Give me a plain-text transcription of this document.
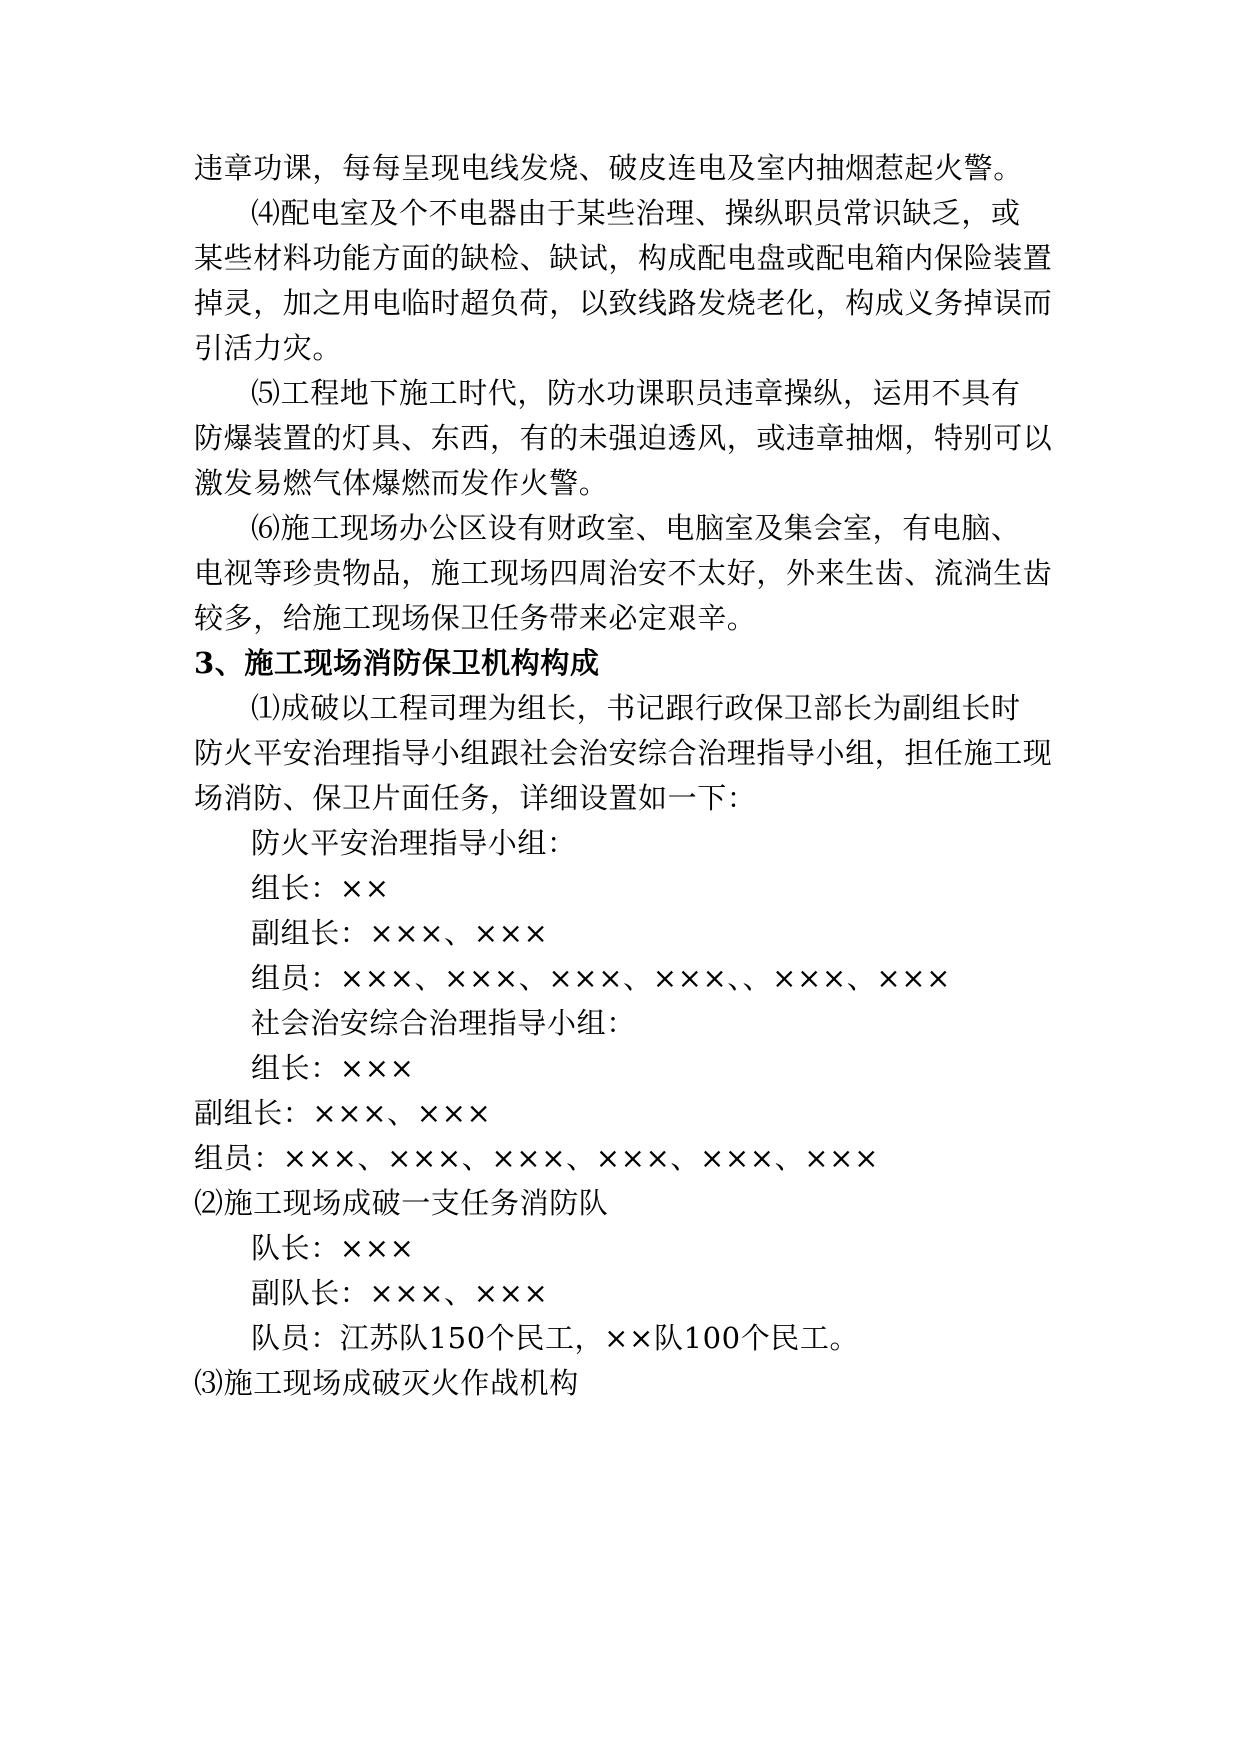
违章功课，每每呈现电线发烧、破皮连电及室内抽烟惹起火警。
⑷配电室及个不电器由于某些治理、操纵职员常识缺乏，或
某些材料功能方面的缺检、缺试，构成配电盘或配电箱内保险装置
掉灵，加之用电临时超负荷，以致线路发烧老化，构成义务掉误而
引活力灾。
⑸工程地下施工时代，防水功课职员违章操纵，运用不具有
防爆装置的灯具、东西，有的未强迫透风，或违章抽烟，特别可以
激发易燃气体爆燃而发作火警。
⑹施工现场办公区设有财政室、电脑室及集会室，有电脑、
电视等珍贵物品，施工现场四周治安不太好，外来生齿、流淌生齿
较多，给施工现场保卫任务带来必定艰辛。
3、施工现场消防保卫机构构成
⑴成破以工程司理为组长，书记跟行政保卫部长为副组长时
防火平安治理指导小组跟社会治安综合治理指导小组，担任施工现
场消防、保卫片面任务，详细设置如一下：
防火平安治理指导小组：
组长：××
副组长：×××、×××
组员：×××、×××、×××、×××、、×××、×××
社会治安综合治理指导小组：
组长：×××
副组长：×××、×××
组员：×××、×××、×××、×××、×××、×××
⑵施工现场成破一支任务消防队
队长：×××
副队长：×××、×××
队员：江苏队150个民工，××队100个民工。
⑶施工现场成破灭火作战机构
